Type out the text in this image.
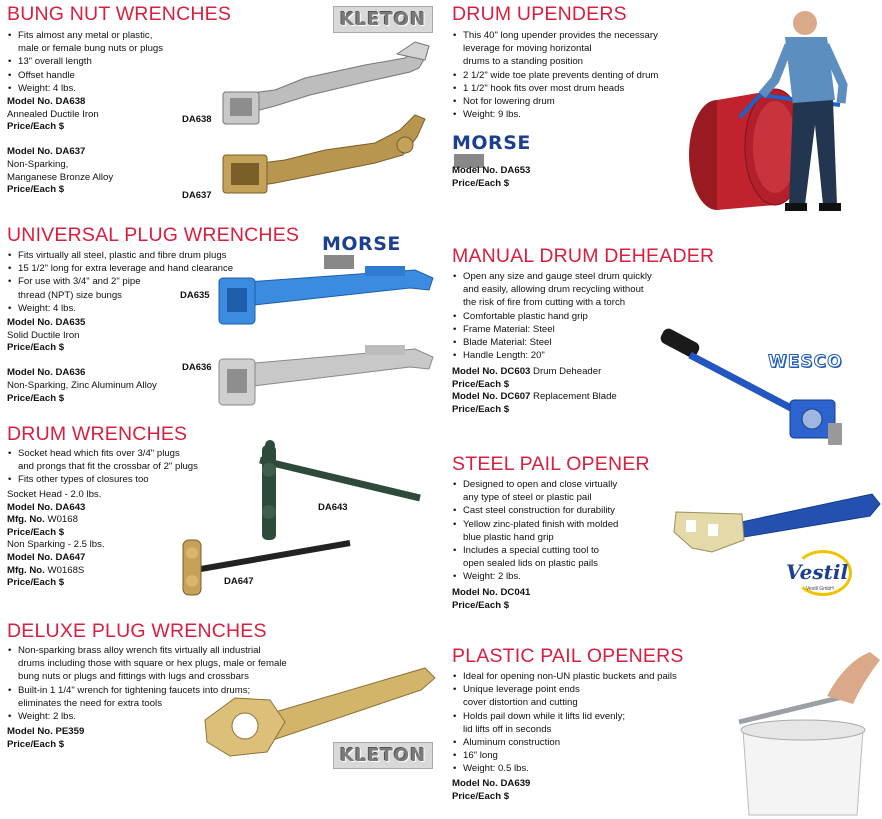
BUNG NUT WRENCHES
• Fits almost any metal or plastic,
male or female bung nuts or plugs
• 13" overall length
• Offset handle
• Weight: 4 lbs.
Model No. DA638
Annealed Ductile Iron
Price/Each $
Model No. DA637
Non-Sparking,
Manganese Bronze Alloy
Price/Each $
KLETON
DA638
DA637
DRUM UPENDERS
• This 40" long upender provides the necessary
leverage for moving horizontal
drums to a standing position
• 2 1/2" wide toe plate prevents denting of drum
• 1 1/2" hook fits over most drum heads
• Not for lowering drum
• Weight: 9 lbs.
MORSE
Model No. DA653
Price/Each $
UNIVERSAL PLUG WRENCHES
• Fits virtually all steel, plastic and fibre drum plugs
• 15 1/2" long for extra leverage and hand clearance
• For use with 3/4" and 2" pipe
thread (NPT) size bungs
• Weight: 4 lbs.
Model No. DA635
Solid Ductile Iron
Price/Each $
Model No. DA636
Non-Sparking, Zinc Aluminum Alloy
Price/Each $
MORSE
DA635
DA636
MANUAL DRUM DEHEADER
• Open any size and gauge steel drum quickly
and easily, allowing drum recycling without
the risk of fire from cutting with a torch
• Comfortable plastic hand grip
• Frame Material: Steel
• Blade Material: Steel
• Handle Length: 20"
Model No. DC603 Drum Deheader
Price/Each $
Model No. DC607 Replacement Blade
Price/Each $
WESCO
DRUM WRENCHES
• Socket head which fits over 3/4" plugs
and prongs that fit the crossbar of 2" plugs
• Fits other types of closures too
Socket Head - 2.0 lbs.
Model No. DA643
Mfg. No. W0168
Price/Each $
Non Sparking - 2.5 lbs.
Model No. DA647
Mfg. No. W0168S
Price/Each $
DA643
DA647
STEEL PAIL OPENER
• Designed to open and close virtually
any type of steel or plastic pail
• Cast steel construction for durability
• Yellow zinc-plated finish with molded
blue plastic hand grip
• Includes a special cutting tool to
open sealed lids on plastic pails
• Weight: 2 lbs.
Model No. DC041
Price/Each $
Vestil
Vestil GmbH
DELUXE PLUG WRENCHES
• Non-sparking brass alloy wrench fits virtually all industrial
drums including those with square or hex plugs, male or female
bung nuts or plugs and fittings with lugs and crossbars
• Built-in 1 1/4" wrench for tightening faucets into drums;
eliminates the need for extra tools
• Weight: 2 lbs.
Model No. PE359
Price/Each $
KLETON
PLASTIC PAIL OPENERS
• Ideal for opening non-UN plastic buckets and pails
• Unique leverage point ends
cover distortion and cutting
• Holds pail down while it lifts lid evenly;
lid lifts off in seconds
• Aluminum construction
• 16" long
• Weight: 0.5 lbs.
Model No. DA639
Price/Each $
